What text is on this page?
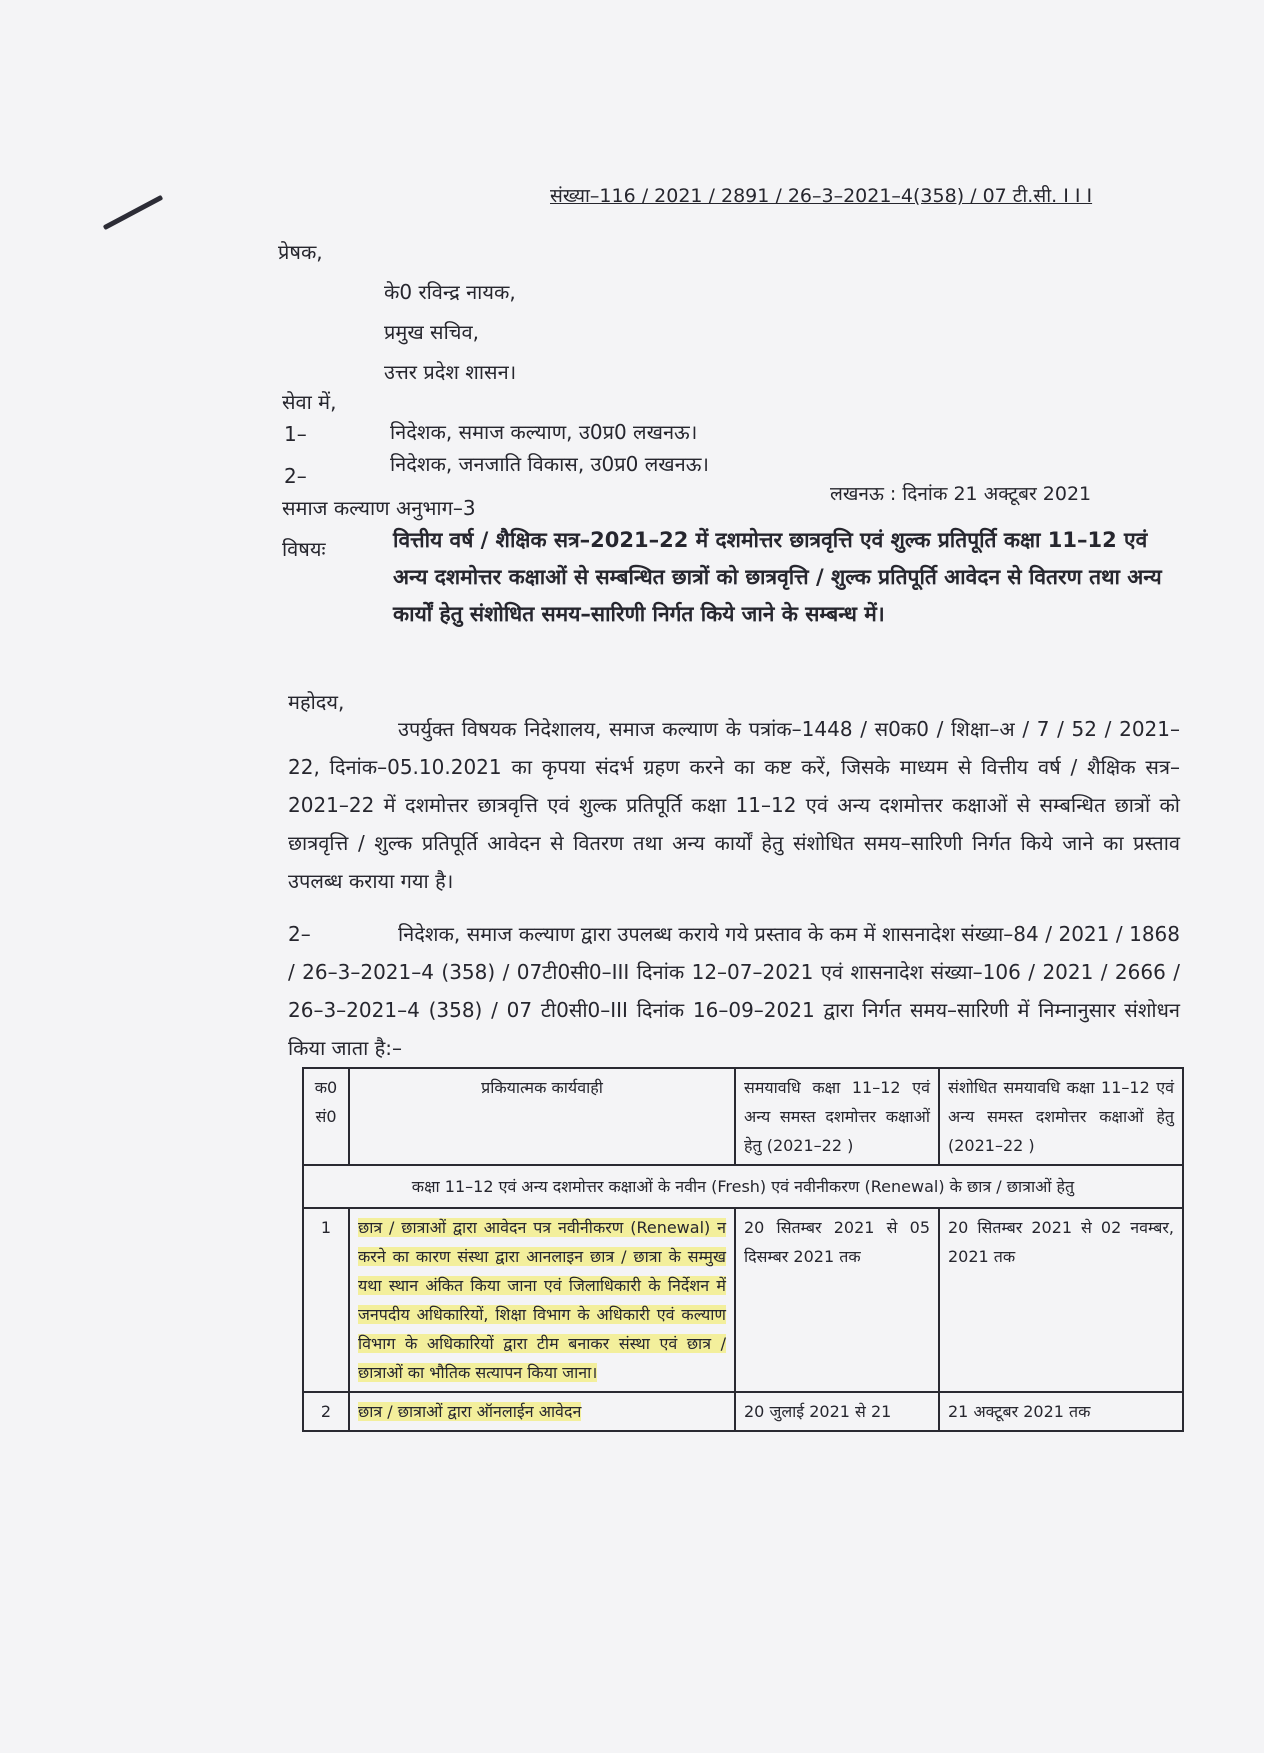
संख्या–116 / 2021 / 2891 / 26–3–2021–4(358) / 07 टी.सी. I I I
प्रेषक,
के0 रविन्द्र नायक,
प्रमुख सचिव,
उत्तर प्रदेश शासन।
सेवा में,
1–	निदेशक, समाज कल्याण, उ0प्र0 लखनऊ।
2–	निदेशक, जनजाति विकास, उ0प्र0 लखनऊ।
समाज कल्याण अनुभाग–3
लखनऊ : दिनांक 21 अक्टूबर 2021
विषयः	वित्तीय वर्ष / शैक्षिक सत्र–2021–22 में दशमोत्तर छात्रवृत्ति एवं शुल्क प्रतिपूर्ति कक्षा 11–12 एवं अन्य दशमोत्तर कक्षाओं से सम्बन्धित छात्रों को छात्रवृत्ति / शुल्क प्रतिपूर्ति आवेदन से वितरण तथा अन्य कार्यों हेतु संशोधित समय–सारिणी निर्गत किये जाने के सम्बन्ध में।
महोदय,
उपर्युक्त विषयक निदेशालय, समाज कल्याण के पत्रांक–1448 / स0क0 / शिक्षा–अ / 7 / 52 / 2021–22, दिनांक–05.10.2021 का कृपया संदर्भ ग्रहण करने का कष्ट करें, जिसके माध्यम से वित्तीय वर्ष / शैक्षिक सत्र–2021–22 में दशमोत्तर छात्रवृत्ति एवं शुल्क प्रतिपूर्ति कक्षा 11–12 एवं अन्य दशमोत्तर कक्षाओं से सम्बन्धित छात्रों को छात्रवृत्ति / शुल्क प्रतिपूर्ति आवेदन से वितरण तथा अन्य कार्यों हेतु संशोधित समय–सारिणी निर्गत किये जाने का प्रस्ताव उपलब्ध कराया गया है।
2–	निदेशक, समाज कल्याण द्वारा उपलब्ध कराये गये प्रस्ताव के कम में शासनादेश संख्या–84 / 2021 / 1868 / 26–3–2021–4 (358) / 07टी0सी0–III दिनांक 12–07–2021 एवं शासनादेश संख्या–106 / 2021 / 2666 / 26–3–2021–4 (358) / 07 टी0सी0–III दिनांक 16–09–2021 द्वारा निर्गत समय–सारिणी में निम्नानुसार संशोधन किया जाता है:–
क0 सं0	प्रकियात्मक कार्यवाही	समयावधि कक्षा 11–12 एवं अन्य समस्त दशमोत्तर कक्षाओं हेतु (2021–22 )	संशोधित समयावधि कक्षा 11–12 एवं अन्य समस्त दशमोत्तर कक्षाओं हेतु (2021–22 )
कक्षा 11–12 एवं अन्य दशमोत्तर कक्षाओं के नवीन (Fresh) एवं नवीनीकरण (Renewal) के छात्र / छात्राओं हेतु			
1	छात्र / छात्राओं द्वारा आवेदन पत्र नवीनीकरण (Renewal) न करने का कारण संस्था द्वारा आनलाइन छात्र / छात्रा के सम्मुख यथा स्थान अंकित किया जाना एवं जिलाधिकारी के निर्देशन में जनपदीय अधिकारियों, शिक्षा विभाग के अधिकारी एवं कल्याण विभाग के अधिकारियों द्वारा टीम बनाकर संस्था एवं छात्र / छात्राओं का भौतिक सत्यापन किया जाना।	20 सितम्बर 2021 से 05 दिसम्बर 2021 तक	20 सितम्बर 2021 से 02 नवम्बर, 2021 तक
2	छात्र / छात्राओं द्वारा ऑनलाईन आवेदन	20 जुलाई 2021 से 21	21 अक्टूबर 2021 तक
